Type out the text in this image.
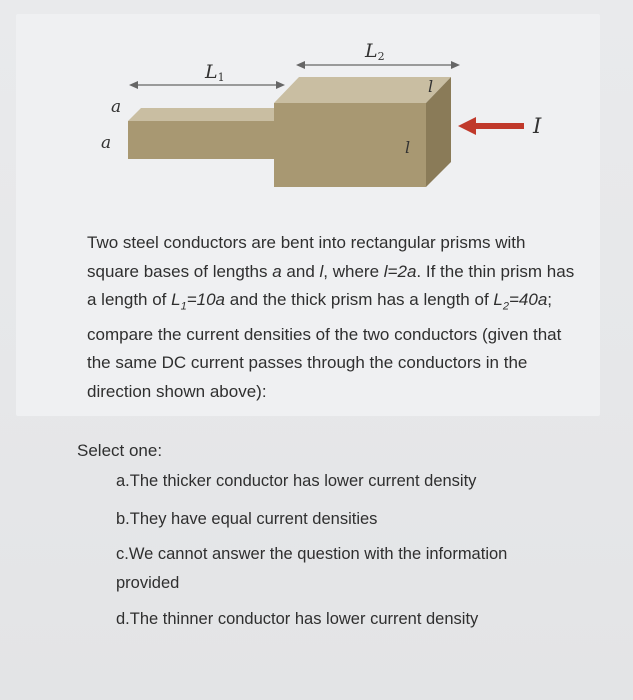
$L_1$
$L_2$
a
a
l
l
I
Two steel conductors are bent into rectangular prisms with square bases of lengths a and l, where l=2a. If the thin prism has a length of $L_1=10a$ and the thick prism has a length of $L_2=40a$; compare the current densities of the two conductors (given that the same DC current passes through the conductors in the direction shown above):
Select one:
a.The thicker conductor has lower current density
b.They have equal current densities
c.We cannot answer the question with the information provided
d.The thinner conductor has lower current density
